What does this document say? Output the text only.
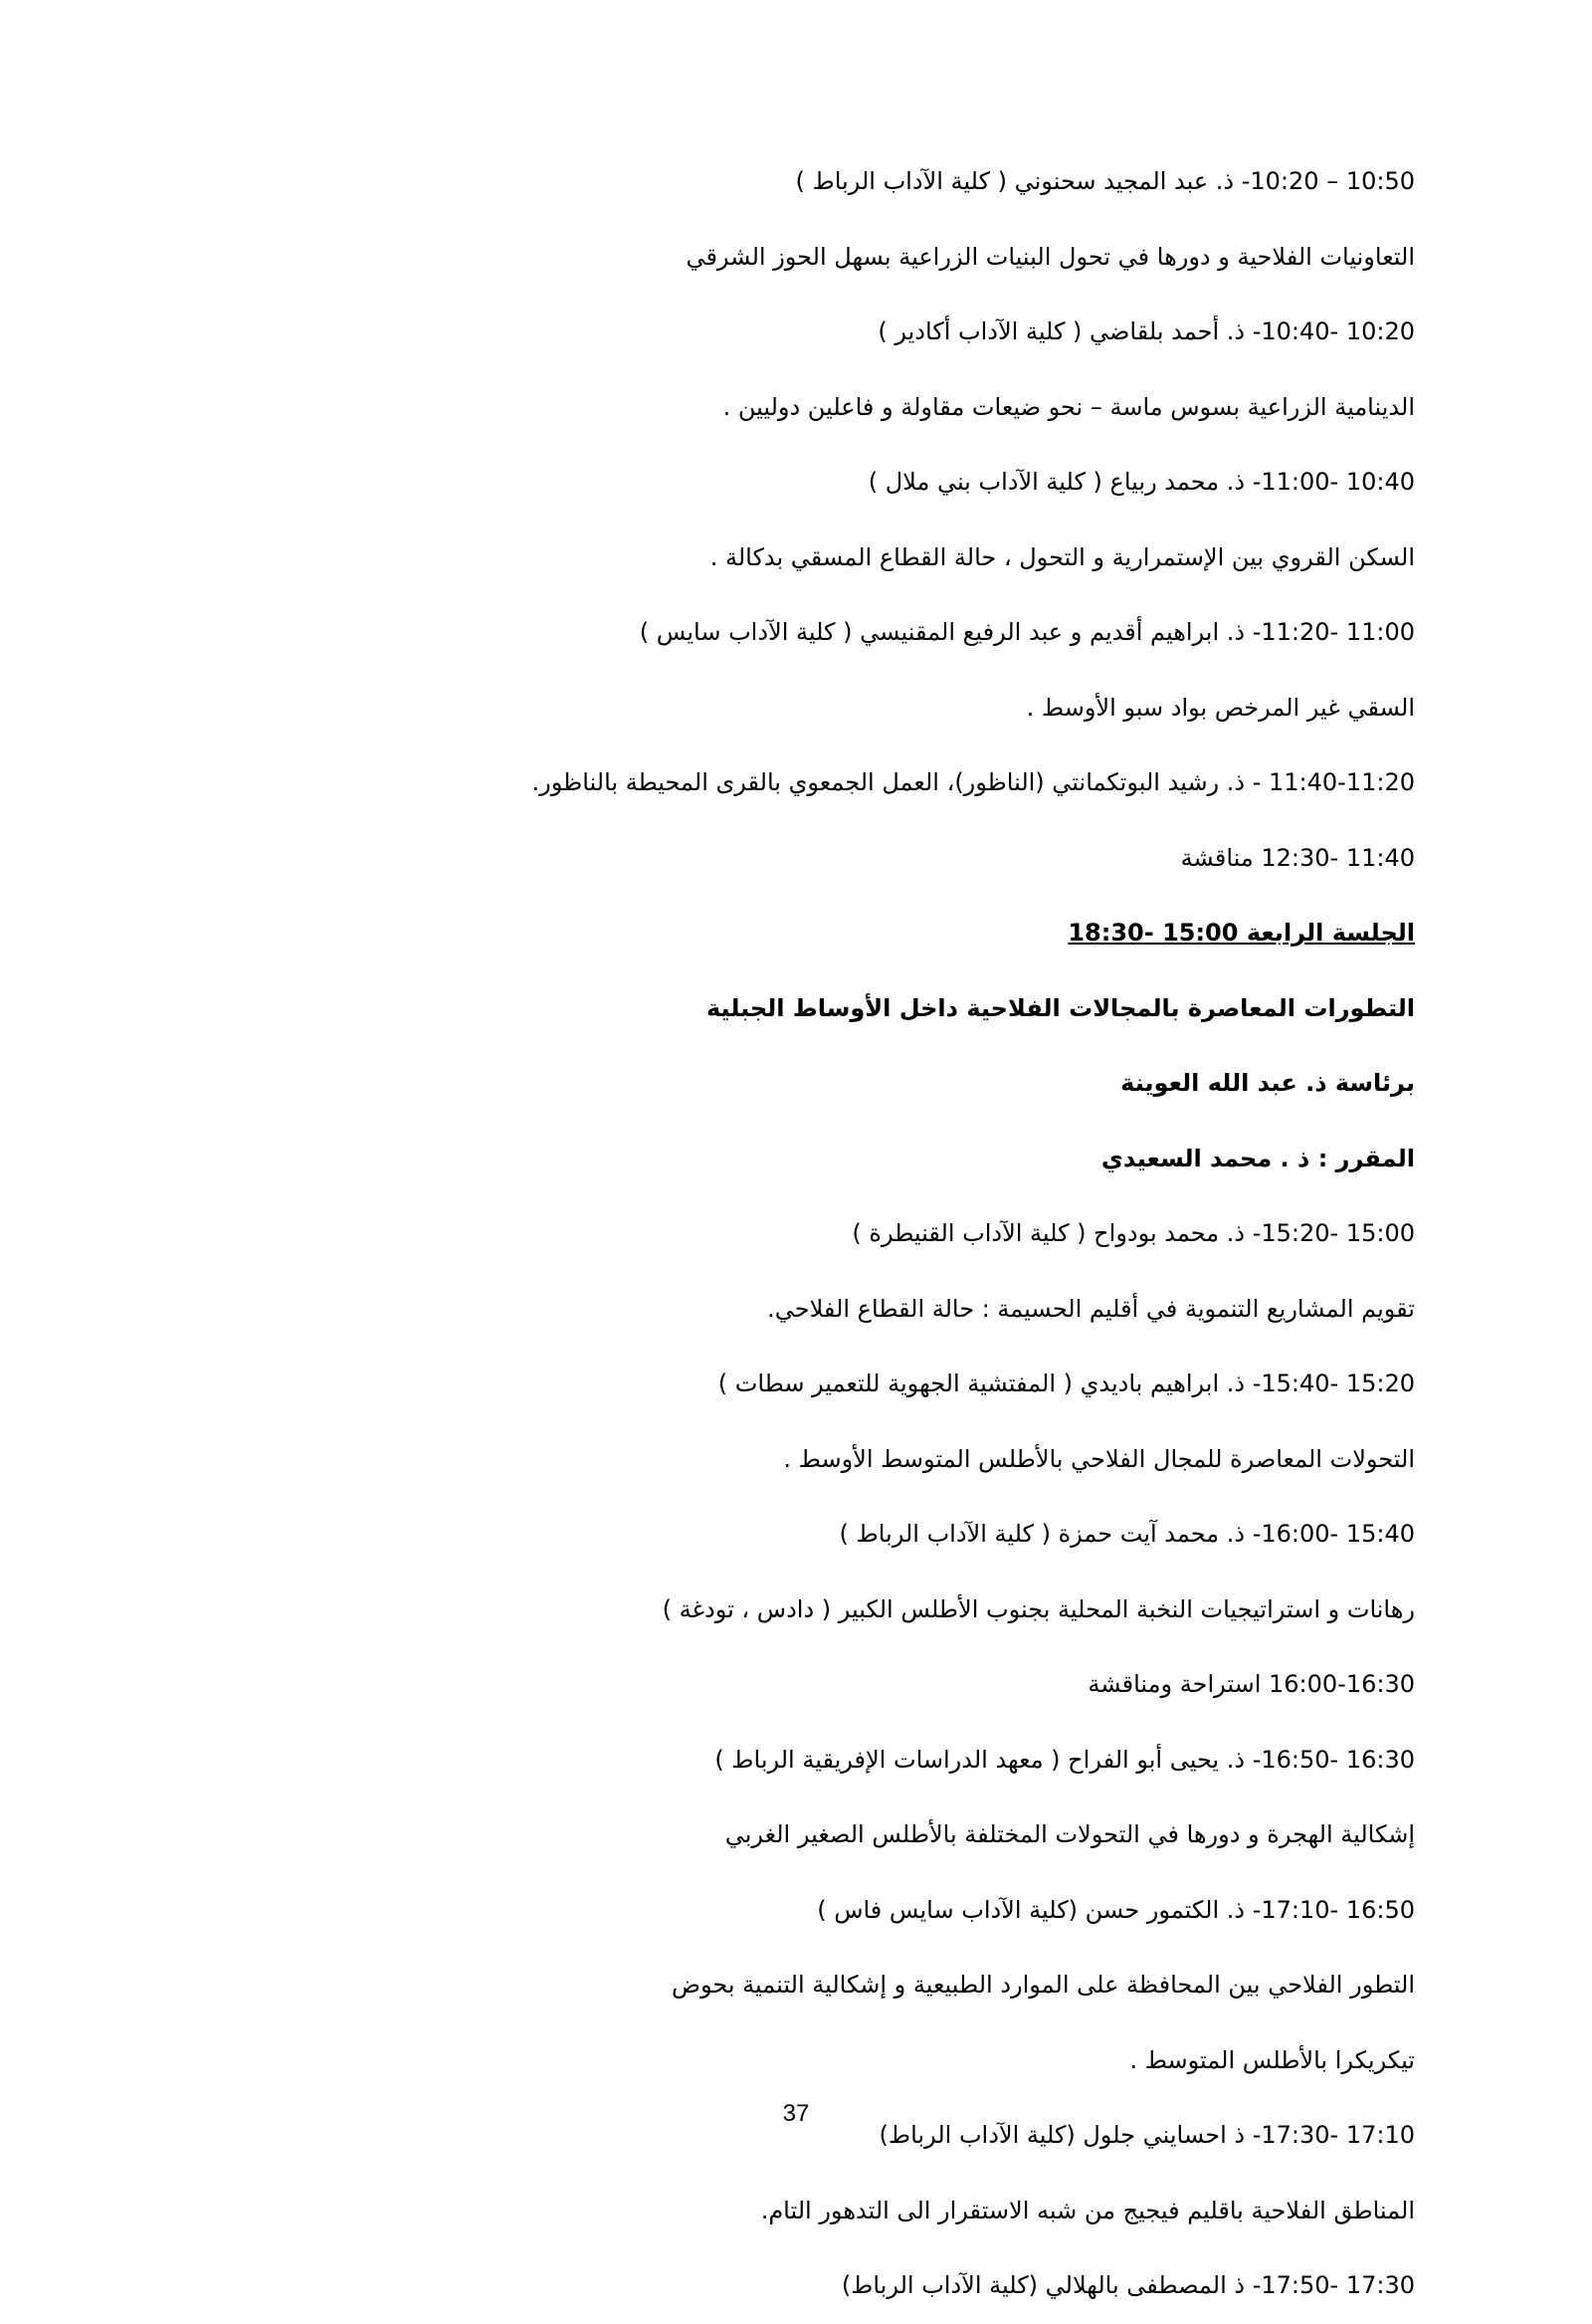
10:50 – 10:20- ذ. عبد المجيد سحنوني ( كلية الآداب الرباط )
التعاونيات الفلاحية و دورها في تحول البنيات الزراعية بسهل الحوز الشرقي
10:20 -10:40- ذ. أحمد بلقاضي ( كلية الآداب أكادير )
الدينامية الزراعية بسوس ماسة – نحو ضيعات مقاولة و فاعلين دوليين .
10:40 -11:00- ذ. محمد ربياع ( كلية الآداب بني ملال )
السكن القروي بين الإستمرارية و التحول ، حالة القطاع المسقي بدكالة .
11:00 -11:20- ذ. ابراهيم أقديم و عبد الرفيع المقنيسي ( كلية الآداب سايس )
السقي غير المرخص بواد سبو الأوسط .
11:40-11:20 - ذ. رشيد البوتكمانتي (الناظور)، العمل الجمعوي بالقرى المحيطة بالناظور.
11:40 -12:30 مناقشة
الجلسة الرابعة 15:00 -18:30
التطورات المعاصرة بالمجالات الفلاحية داخل الأوساط الجبلية
برئاسة ذ. عبد الله العوينة
المقرر : ذ . محمد السعيدي
15:00 -15:20- ذ. محمد بودواح ( كلية الآداب القنيطرة )
تقويم المشاريع التنموية في أقليم الحسيمة : حالة القطاع الفلاحي.
15:20 -15:40- ذ. ابراهيم باديدي ( المفتشية الجهوية للتعمير سطات )
التحولات المعاصرة للمجال الفلاحي بالأطلس المتوسط الأوسط .
15:40 -16:00- ذ. محمد آيت حمزة ( كلية الآداب الرباط )
رهانات و استراتيجيات النخبة المحلية بجنوب الأطلس الكبير ( دادس ، تودغة )
16:00-16:30 استراحة ومناقشة
16:30 -16:50- ذ. يحيى أبو الفراح ( معهد الدراسات الإفريقية الرباط )
إشكالية الهجرة و دورها في التحولات المختلفة بالأطلس الصغير الغربي
16:50 -17:10- ذ. الكتمور حسن (كلية الآداب سايس فاس )
التطور الفلاحي بين المحافظة على الموارد الطبيعية و إشكالية التنمية بحوض
تيكريكرا بالأطلس المتوسط .
17:10 -17:30- ذ احسايني جلول (كلية الآداب الرباط)
المناطق الفلاحية باقليم فيجيج من شبه الاستقرار الى التدهور التام.
17:30 -17:50- ذ المصطفى بالهلالي (كلية الآداب الرباط)
37
